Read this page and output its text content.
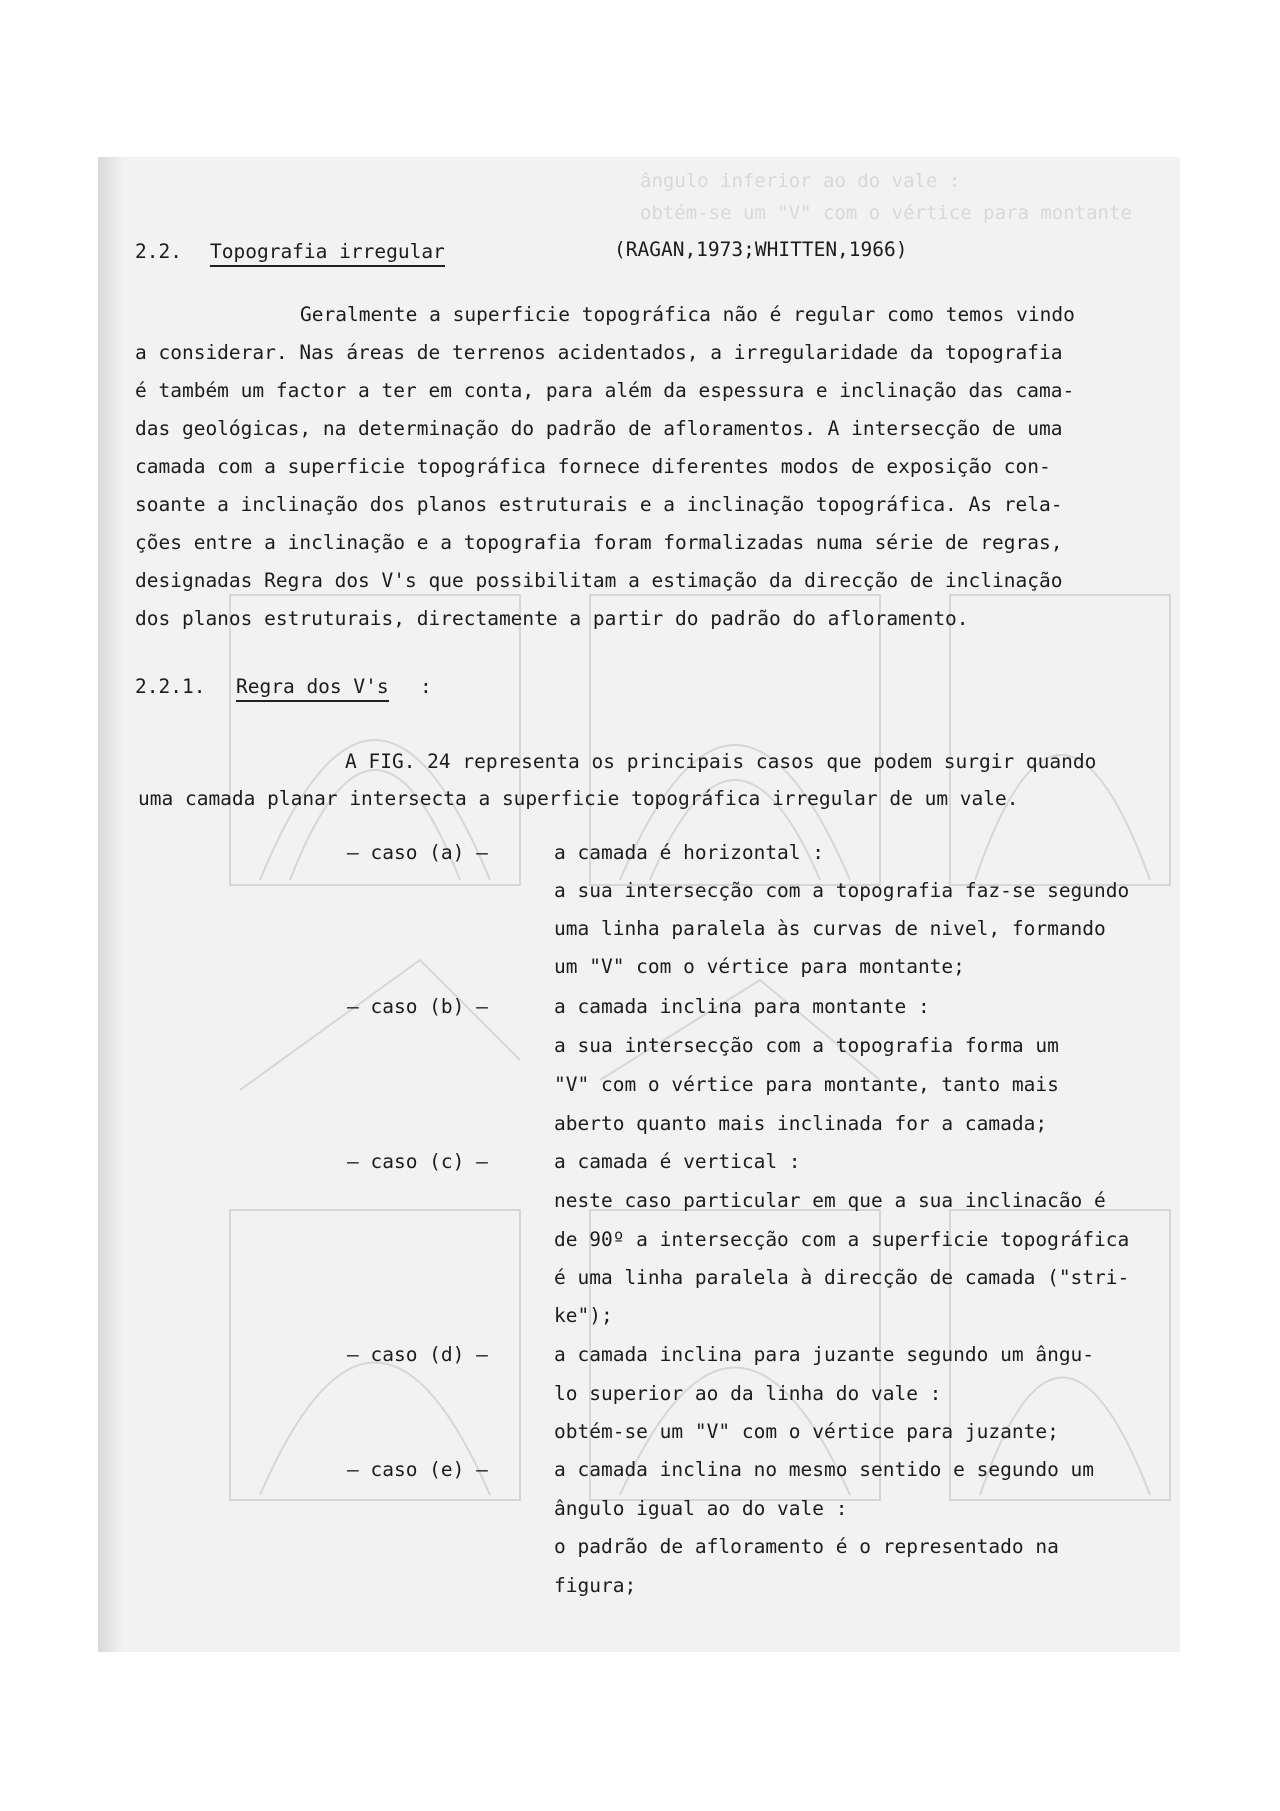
ângulo inferior ao do vale :
obtém-se um "V" com o vértice para montante
2.2. Topografia irregular	(RAGAN,1973;WHITTEN,1966)
Geralmente a superficie topográfica não é regular como temos vindo
a considerar. Nas áreas de terrenos acidentados, a irregularidade da topografia
é também um factor a ter em conta, para além da espessura e inclinação das cama-
das geológicas, na determinação do padrão de afloramentos. A intersecção de uma
camada com a superficie topográfica fornece diferentes modos de exposição con-
soante a inclinação dos planos estruturais e a inclinação topográfica. As rela-
ções entre a inclinação e a topografia foram formalizadas numa série de regras,
designadas Regra dos V's que possibilitam a estimação da direcção de inclinação
dos planos estruturais, directamente a partir do padrão do afloramento.
2.2.1. Regra dos V's :
A FIG. 24 representa os principais casos que podem surgir quando
uma camada planar intersecta a superficie topográfica irregular de um vale.
— caso (a) —	a camada é horizontal :
a sua intersecção com a topografia faz-se segundo
uma linha paralela às curvas de nivel, formando
um "V" com o vértice para montante;
— caso (b) —	a camada inclina para montante :
a sua intersecção com a topografia forma um
"V" com o vértice para montante, tanto mais
aberto quanto mais inclinada for a camada;
— caso (c) —	a camada é vertical :
neste caso particular em que a sua inclinacão é
de 90º a intersecção com a superficie topográfica
é uma linha paralela à direcção de camada ("stri-
ke");
— caso (d) —	a camada inclina para juzante segundo um ângu-
lo superior ao da linha do vale :
obtém-se um "V" com o vértice para juzante;
— caso (e) —	a camada inclina no mesmo sentido e segundo um
ângulo igual ao do vale :
o padrão de afloramento é o representado na
figura;
